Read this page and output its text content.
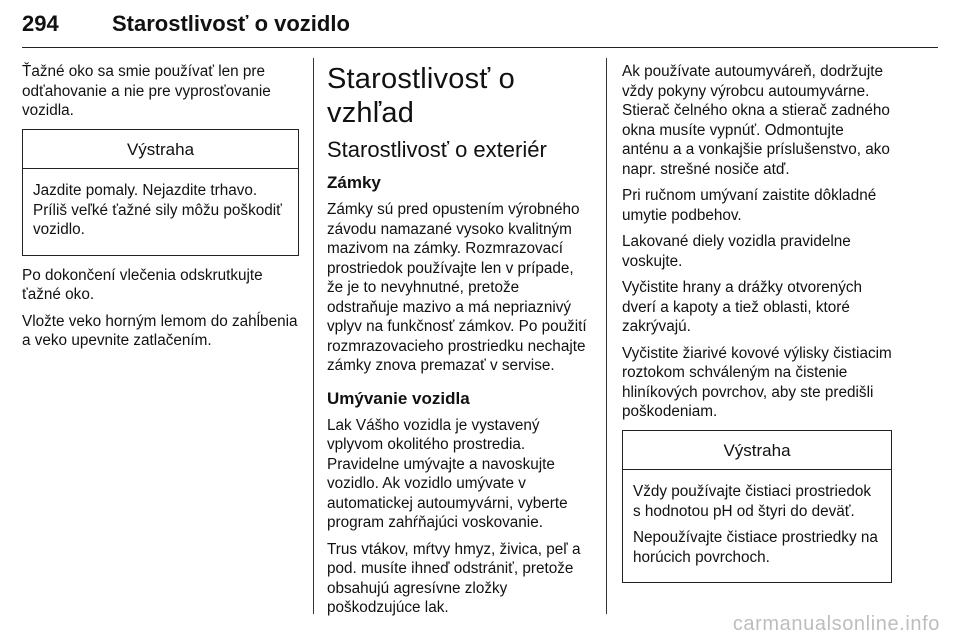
294 Starostlivosť o vozidlo

Ťažné oko sa smie používať len pre odťahovanie a nie pre vyprosťovanie vozidla.

Výstraha

Jazdite pomaly. Nejazdite trhavo. Príliš veľké ťažné sily môžu poškodiť vozidlo.

Po dokončení vlečenia odskrutkujte ťažné oko.

Vložte veko horným lemom do zahĺbenia a veko upevnite zatlačením.

Starostlivosť o vzhľad
Starostlivosť o exteriér
Zámky

Zámky sú pred opustením výrobného závodu namazané vysoko kvalitným mazivom na zámky. Rozmrazovací prostriedok používajte len v prípade, že je to nevyhnutné, pretože odstraňuje mazivo a má nepriaznivý vplyv na funkčnosť zámkov. Po použití rozmrazovacieho prostriedku nechajte zámky znova premazať v servise.

Umývanie vozidla

Lak Vášho vozidla je vystavený vplyvom okolitého prostredia. Pravidelne umývajte a navoskujte vozidlo. Ak vozidlo umývate v automatickej autoumyvárni, vyberte program zahŕňajúci voskovanie.

Trus vtákov, mŕtvy hmyz, živica, peľ a pod. musíte ihneď odstrániť, pretože obsahujú agresívne zložky poškodzujúce lak.

Ak používate autoumyváreň, dodržujte vždy pokyny výrobcu autoumyvárne. Stierač čelného okna a stierač zadného okna musíte vypnúť. Odmontujte anténu a a vonkajšie príslušenstvo, ako napr. strešné nosiče atď.

Pri ručnom umývaní zaistite dôkladné umytie podbehov.

Lakované diely vozidla pravidelne voskujte.

Vyčistite hrany a drážky otvorených dverí a kapoty a tiež oblasti, ktoré zakrývajú.

Vyčistite žiarivé kovové výlisky čistiacim roztokom schváleným na čistenie hliníkových povrchov, aby ste predišli poškodeniam.

Výstraha

Vždy používajte čistiaci prostriedok s hodnotou pH od štyri do deväť.

Nepoužívajte čistiace prostriedky na horúcich povrchoch.

carmanualsonline.info
